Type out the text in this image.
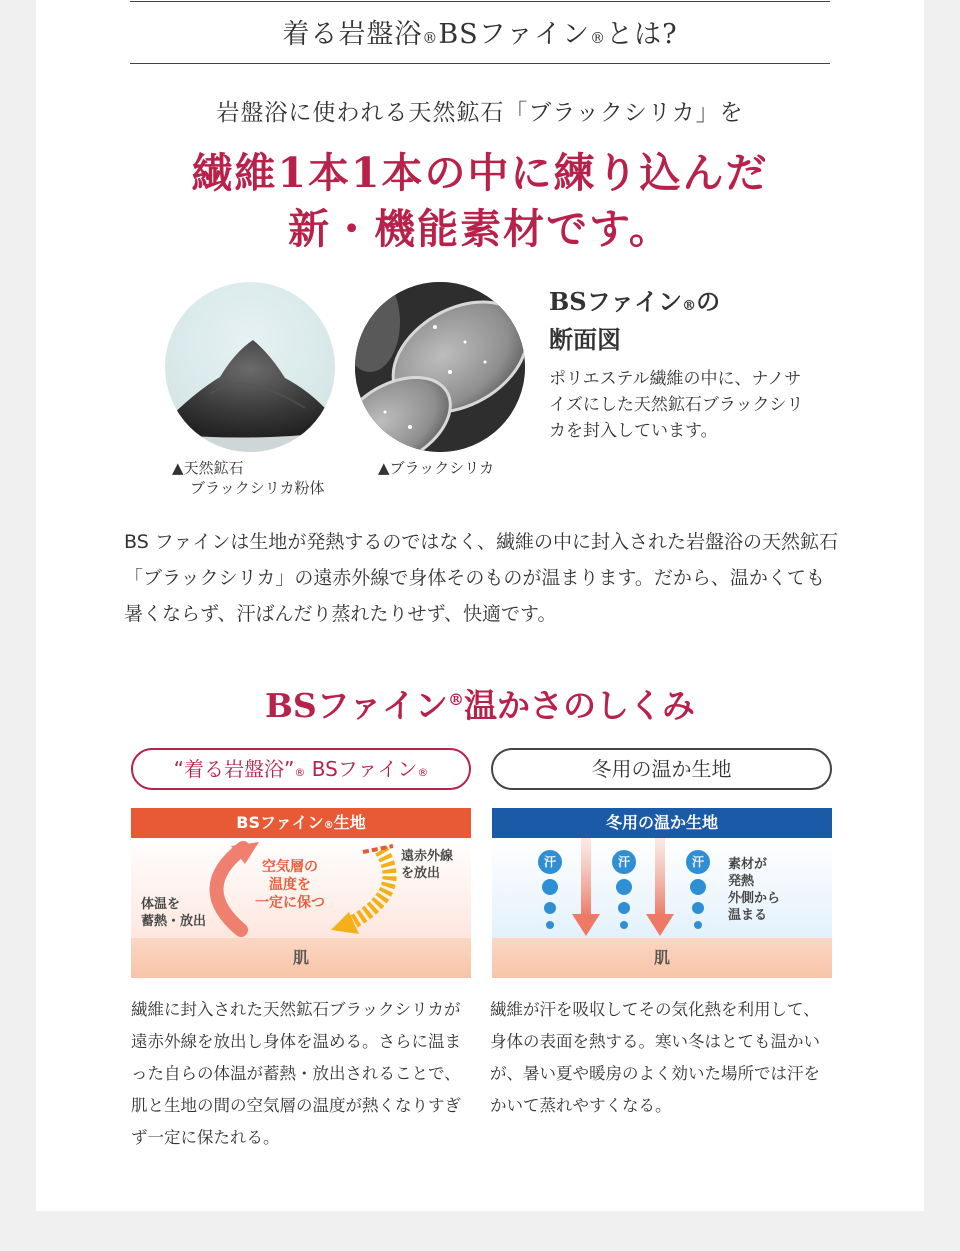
着る岩盤浴®BSファイン®とは?
岩盤浴に使われる天然鉱石「ブラックシリカ」を
繊維1本1本の中に練り込んだ
新・機能素材です。
▲天然鉱石
ブラックシリカ粉体
▲ブラックシリカ
BSファイン®の
断面図
ポリエステル繊維の中に、ナノサイズにした天然鉱石ブラックシリカを封入しています。
BS ファインは生地が発熱するのではなく、繊維の中に封入された岩盤浴の天然鉱石「ブラックシリカ」の遠赤外線で身体そのものが温まります。だから、温かくても暑くならず、汗ばんだり蒸れたりせず、快適です。
BSファイン®温かさのしくみ
“着る岩盤浴”® BSファイン®	冬用の温か生地
BSファイン®生地
空気層の
温度を
一定に保つ
遠赤外線
を放出
体温を
蓄熱・放出
肌
繊維に封入された天然鉱石ブラックシリカが遠赤外線を放出し身体を温める。さらに温まった自らの体温が蓄熱・放出されることで、肌と生地の間の空気層の温度が熱くなりすぎず一定に保たれる。
冬用の温か生地
汗	汗	汗	素材が
発熱
外側から
温まる
肌
繊維が汗を吸収してその気化熱を利用して、身体の表面を熱する。寒い冬はとても温かいが、暑い夏や暖房のよく効いた場所では汗をかいて蒸れやすくなる。
